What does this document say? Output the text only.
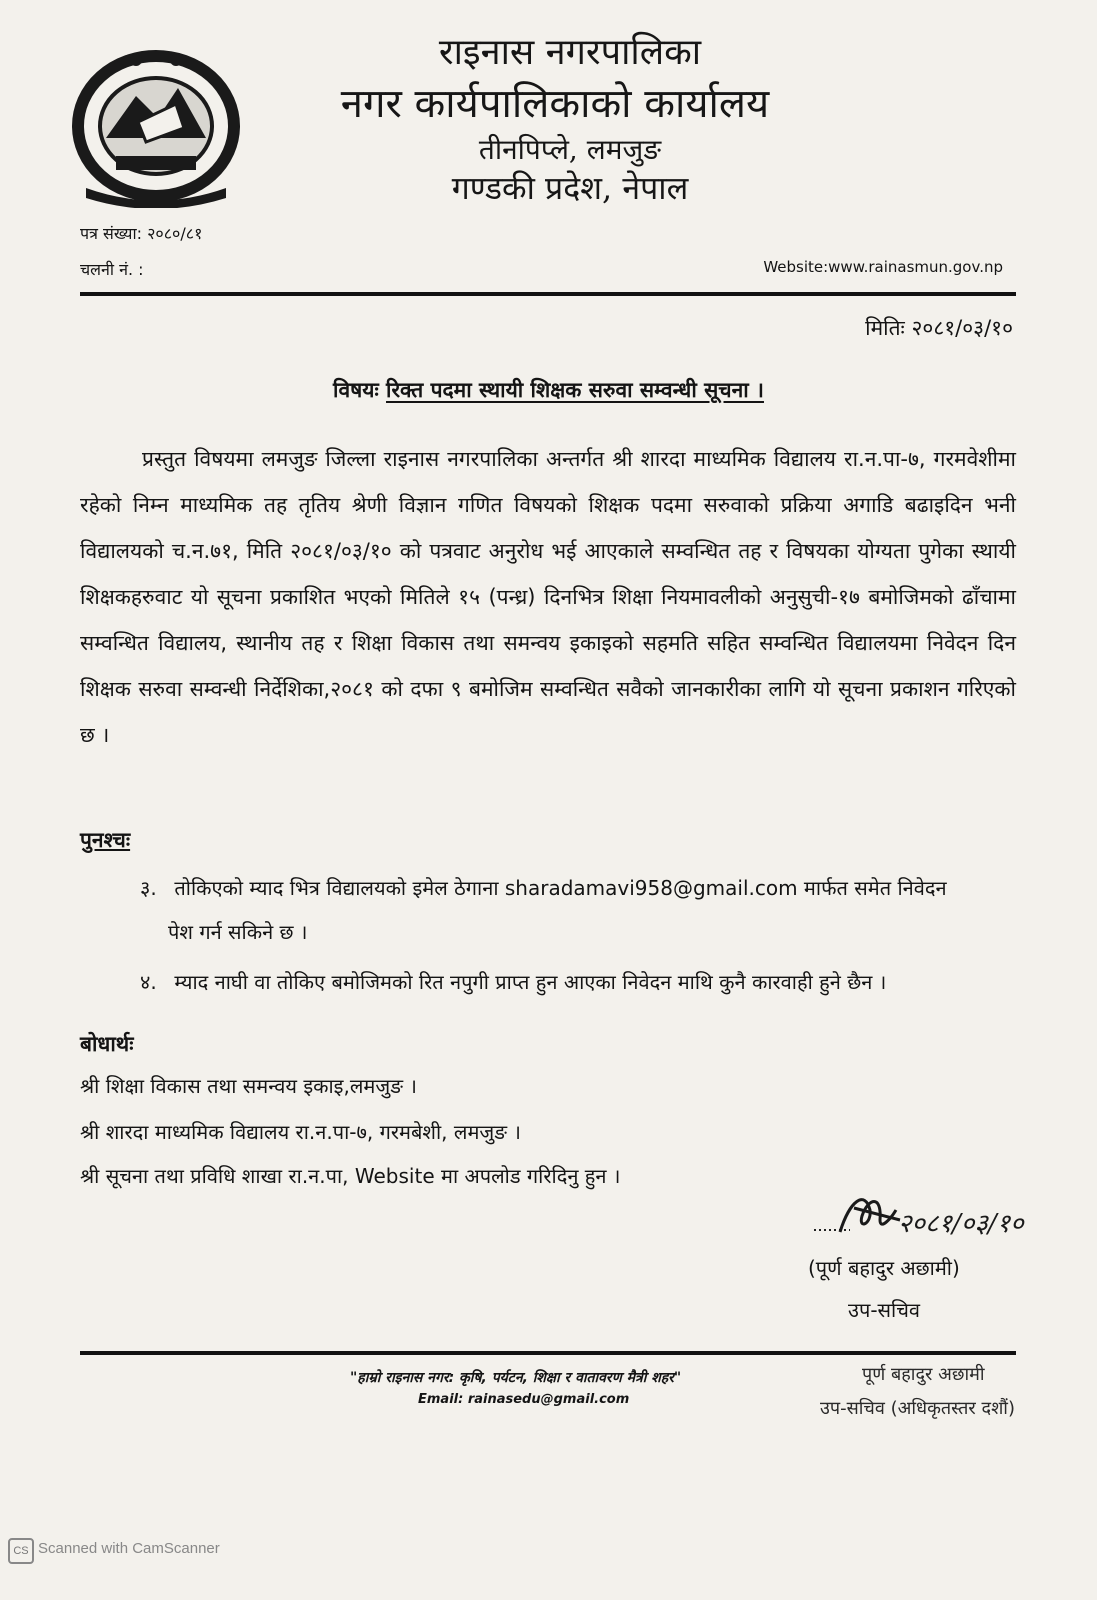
राइनास नगरपालिका
नगर कार्यपालिकाको कार्यालय
तीनपिप्ले, लमजुङ
गण्डकी प्रदेश, नेपाल
पत्र संख्या: २०८०/८१
चलनी नं. :	Website:www.rainasmun.gov.np
मितिः २०८१/०३/१०
विषयः रिक्त पदमा स्थायी शिक्षक सरुवा सम्वन्धी सूचना ।

प्रस्तुत विषयमा लमजुङ जिल्ला राइनास नगरपालिका अन्तर्गत श्री शारदा माध्यमिक विद्यालय रा.न.पा-७, गरमवेशीमा रहेको निम्न माध्यमिक तह तृतिय श्रेणी विज्ञान गणित विषयको शिक्षक पदमा सरुवाको प्रक्रिया अगाडि बढाइदिन भनी विद्यालयको च.न.७१, मिति २०८१/०३/१० को पत्रवाट अनुरोध भई आएकाले सम्वन्धित तह र विषयका योग्यता पुगेका स्थायी शिक्षकहरुवाट यो सूचना प्रकाशित भएको मितिले १५ (पन्ध्र) दिनभित्र शिक्षा नियमावलीको अनुसुची-१७ बमोजिमको ढाँचामा सम्वन्धित विद्यालय, स्थानीय तह र शिक्षा विकास तथा समन्वय इकाइको सहमति सहित सम्वन्धित विद्यालयमा निवेदन दिन शिक्षक सरुवा सम्वन्धी निर्देशिका,२०८१ को दफा ९ बमोजिम सम्वन्धित सवैको जानकारीका लागि यो सूचना प्रकाशन गरिएको छ ।

पुनश्चः
३. तोकिएको म्याद भित्र विद्यालयको इमेल ठेगाना sharadamavi958@gmail.com मार्फत समेत निवेदन
पेश गर्न सकिने छ ।
४. म्याद नाघी वा तोकिए बमोजिमको रित नपुगी प्राप्त हुन आएका निवेदन माथि कुनै कारवाही हुने छैन ।
बोधार्थः
श्री शिक्षा विकास तथा समन्वय इकाइ,लमजुङ ।
श्री शारदा माध्यमिक विद्यालय रा.न.पा-७, गरमबेशी, लमजुङ ।
श्री सूचना तथा प्रविधि शाखा रा.न.पा, Website मा अपलोड गरिदिनु हुन ।
२०८१/०३/१०
(पूर्ण बहादुर अछामी)
उप-सचिव
"हाम्रो राइनास नगर: कृषि, पर्यटन, शिक्षा र वातावरण मैत्री शहर"
Email: rainasedu@gmail.com
पूर्ण बहादुर अछामी
उप-सचिव (अधिकृतस्तर दशौं)
CS Scanned with CamScanner
